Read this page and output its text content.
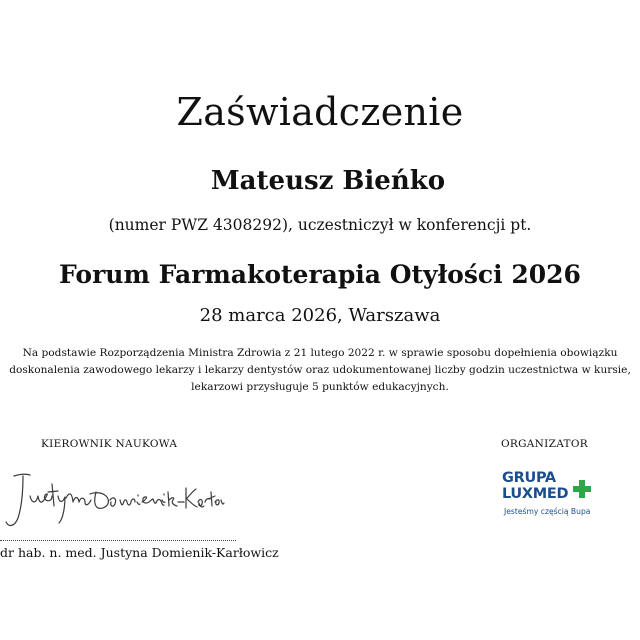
Zaświadczenie
Mateusz Bieńko
(numer PWZ 4308292), uczestniczył w konferencji pt.
Forum Farmakoterapia Otyłości 2026
28 marca 2026, Warszawa
Na podstawie Rozporządzenia Ministra Zdrowia z 21 lutego 2022 r. w sprawie sposobu dopełnienia obowiązku
doskonalenia zawodowego lekarzy i lekarzy dentystów oraz udokumentowanej liczby godzin uczestnictwa w kursie,
lekarzowi przysługuje 5 punktów edukacyjnych.
KIEROWNIK NAUKOWA	ORGANIZATOR
dr hab. n. med. Justyna Domienik-Karłowicz
GRUPA
LUXMED
Jesteśmy częścią Bupa
